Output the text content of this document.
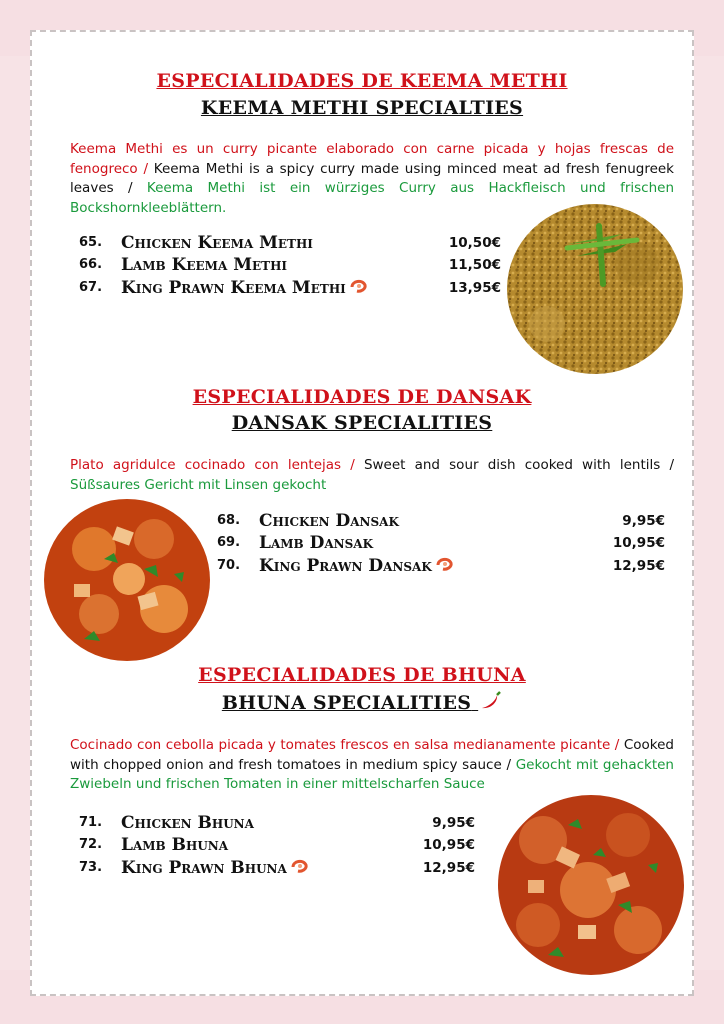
ESPECIALIDADES DE KEEMA METHI
KEEMA METHI SPECIALTIES
Keema Methi es un curry picante elaborado con carne picada y hojas frescas de fenogreco / Keema Methi is a spicy curry made using minced meat ad fresh fenugreek leaves / Keema Methi ist ein würziges Curry aus Hackfleisch und frischen Bockshornkleeblättern.
65. Chicken Keema Methi	10,50€
66. Lamb Keema Methi	11,50€
67. King Prawn Keema Methi	13,95€
ESPECIALIDADES DE DANSAK
DANSAK SPECIALITIES
Plato agridulce cocinado con lentejas / Sweet and sour dish cooked with lentils / Süßsaures Gericht mit Linsen gekocht
68. Chicken Dansak	9,95€
69. Lamb Dansak	10,95€
70. King Prawn Dansak	12,95€
ESPECIALIDADES DE BHUNA
BHUNA SPECIALITIES
Cocinado con cebolla picada y tomates frescos en salsa medianamente picante / Cooked with chopped onion and fresh tomatoes in medium spicy sauce / Gekocht mit gehackten Zwiebeln und frischen Tomaten in einer mittelscharfen Sauce
71. Chicken Bhuna	9,95€
72. Lamb Bhuna	10,95€
73. King Prawn Bhuna	12,95€
